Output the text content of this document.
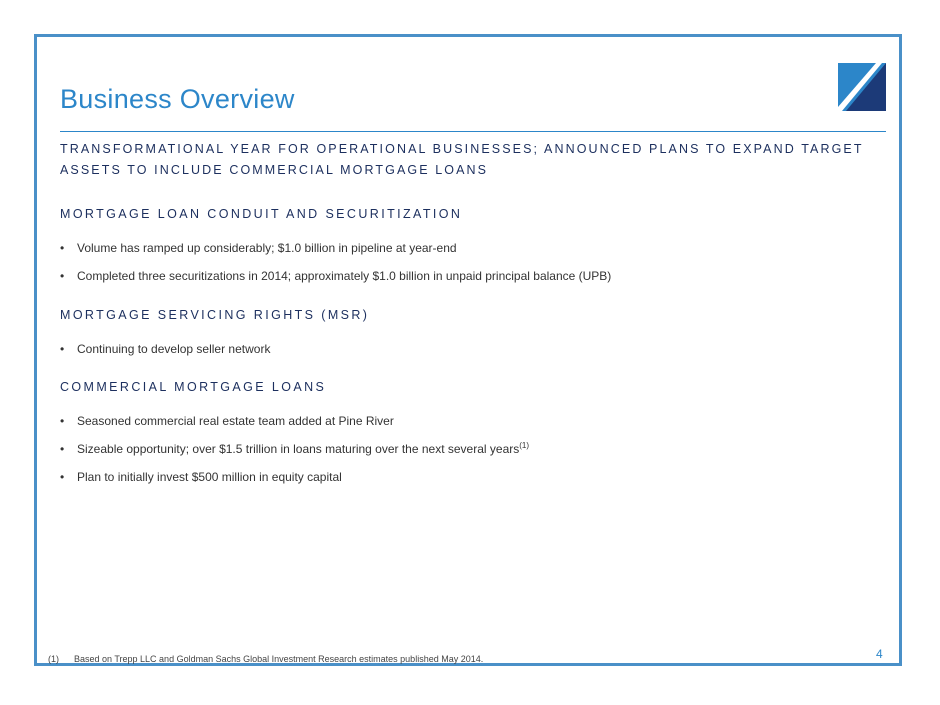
Business Overview
TRANSFORMATIONAL YEAR FOR OPERATIONAL BUSINESSES; ANNOUNCED PLANS TO EXPAND TARGET ASSETS TO INCLUDE COMMERCIAL MORTGAGE LOANS
MORTGAGE LOAN CONDUIT AND SECURITIZATION
• Volume has ramped up considerably; $1.0 billion in pipeline at year-end
• Completed three securitizations in 2014; approximately $1.0 billion in unpaid principal balance (UPB)
MORTGAGE SERVICING RIGHTS (MSR)
• Continuing to develop seller network
COMMERCIAL MORTGAGE LOANS
• Seasoned commercial real estate team added at Pine River
• Sizeable opportunity; over $1.5 trillion in loans maturing over the next several years$^{(1)}$
• Plan to initially invest $500 million in equity capital
(1) Based on Trepp LLC and Goldman Sachs Global Investment Research estimates published May 2014.	4
